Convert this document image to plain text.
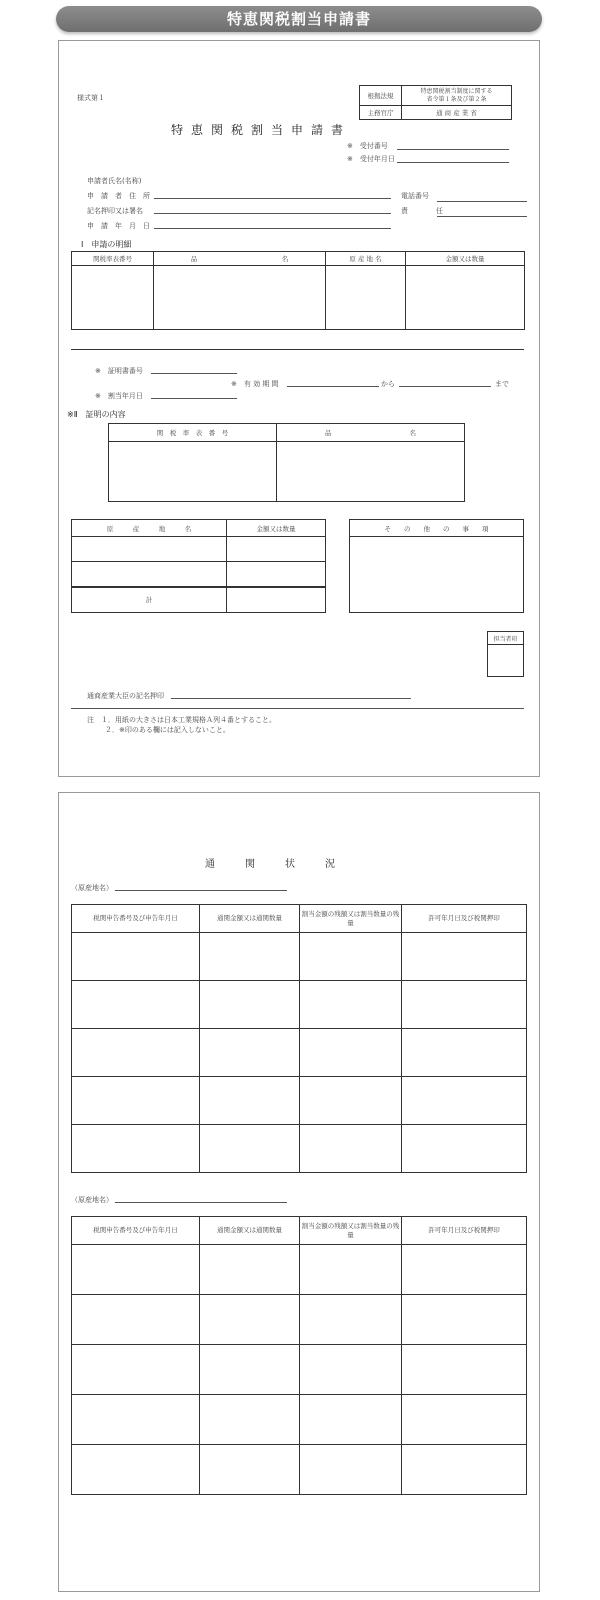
特恵関税割当申請書
様式第１	根拠法規	特恵関税割当制度に関する
省令第１条及び第２条

主務官庁	通 商 産 業 省
特恵関税割当申請書
※　受付番号
※　受付年月日
申請者氏名(名称)
申　請　者　住　所	電話番号
記名押印又は署名	責　　　　任
申　請　年　月　日
Ⅰ　申請の明細
関税率表番号	品　　　　　　　　　　　　　名	原 産 地 名	金額又は数量

※　証明書番号
※　有 効 期 間	から	まで
※　割当年月日
※Ⅱ　証明の内容
関　税　率　表　番　号	品　　　　　　　　　　　　名

原　　　産　　　地　　　名	金額又は数量

計	
そ　　の　　他　　の　　事　　項

担当者印

通商産業大臣の記名押印
注　１．用紙の大きさは日本工業規格Ａ列４番とすること。
２．※印のある欄には記入しないこと。
通　関　状　況
（原産地名）
税関申告番号及び申告年月日	通関金額又は通関数量	割当金額の残額又は割当数量の残量	許可年月日及び税関押印

（原産地名）
税関申告番号及び申告年月日	通関金額又は通関数量	割当金額の残額又は割当数量の残量	許可年月日及び税関押印
